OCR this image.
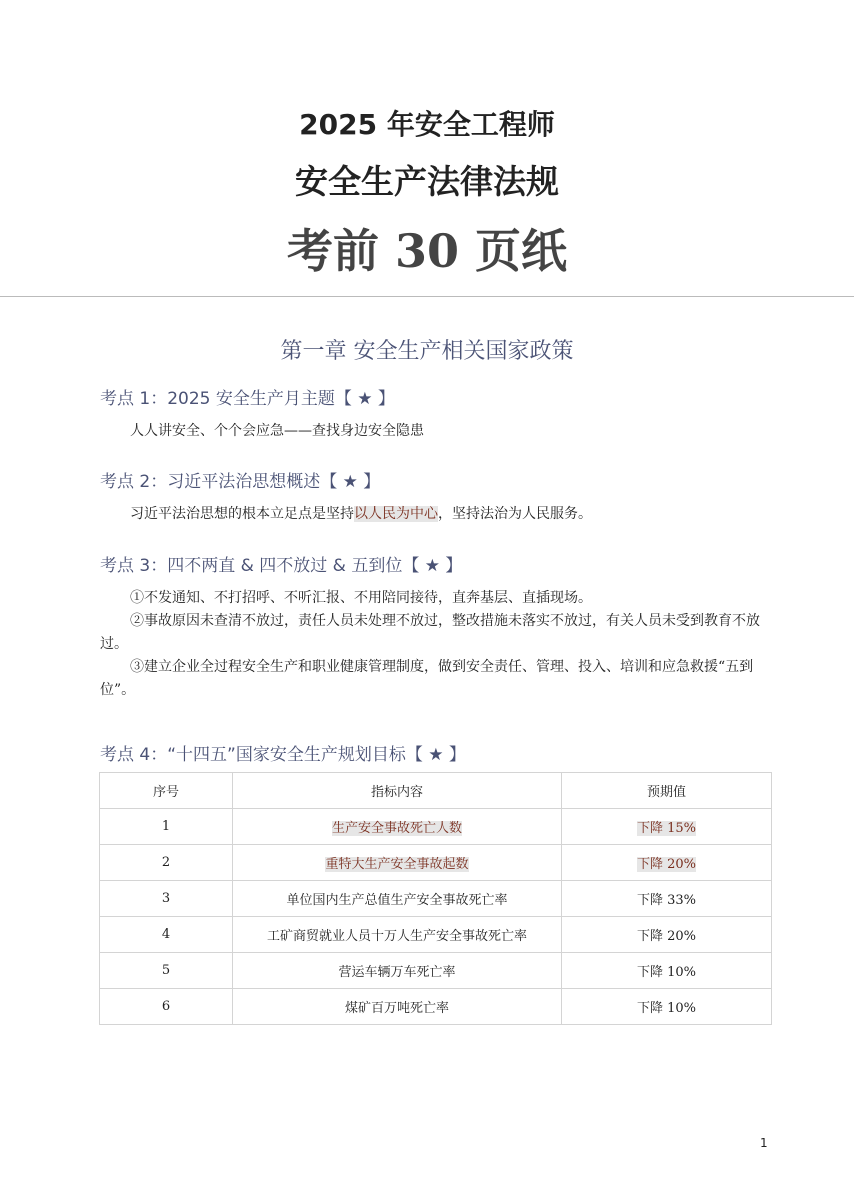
2025 年安全工程师
安全生产法律法规
考前 30 页纸
第一章 安全生产相关国家政策
考点 1：2025 安全生产月主题【 ★ 】
人人讲安全、个个会应急——查找身边安全隐患
考点 2：习近平法治思想概述【 ★ 】
习近平法治思想的根本立足点是坚持以人民为中心，坚持法治为人民服务。
考点 3：四不两直 & 四不放过 & 五到位【 ★ 】
①不发通知、不打招呼、不听汇报、不用陪同接待，直奔基层、直插现场。
②事故原因未查清不放过，责任人员未处理不放过，整改措施未落实不放过，有关人员未受到教育不放过。
③建立企业全过程安全生产和职业健康管理制度，做到安全责任、管理、投入、培训和应急救援“五到位”。
考点 4：“十四五”国家安全生产规划目标【 ★ 】
序号	指标内容	预期值
1	生产安全事故死亡人数	下降 15%
2	重特大生产安全事故起数	下降 20%
3	单位国内生产总值生产安全事故死亡率	下降 33%
4	工矿商贸就业人员十万人生产安全事故死亡率	下降 20%
5	营运车辆万车死亡率	下降 10%
6	煤矿百万吨死亡率	下降 10%
1
